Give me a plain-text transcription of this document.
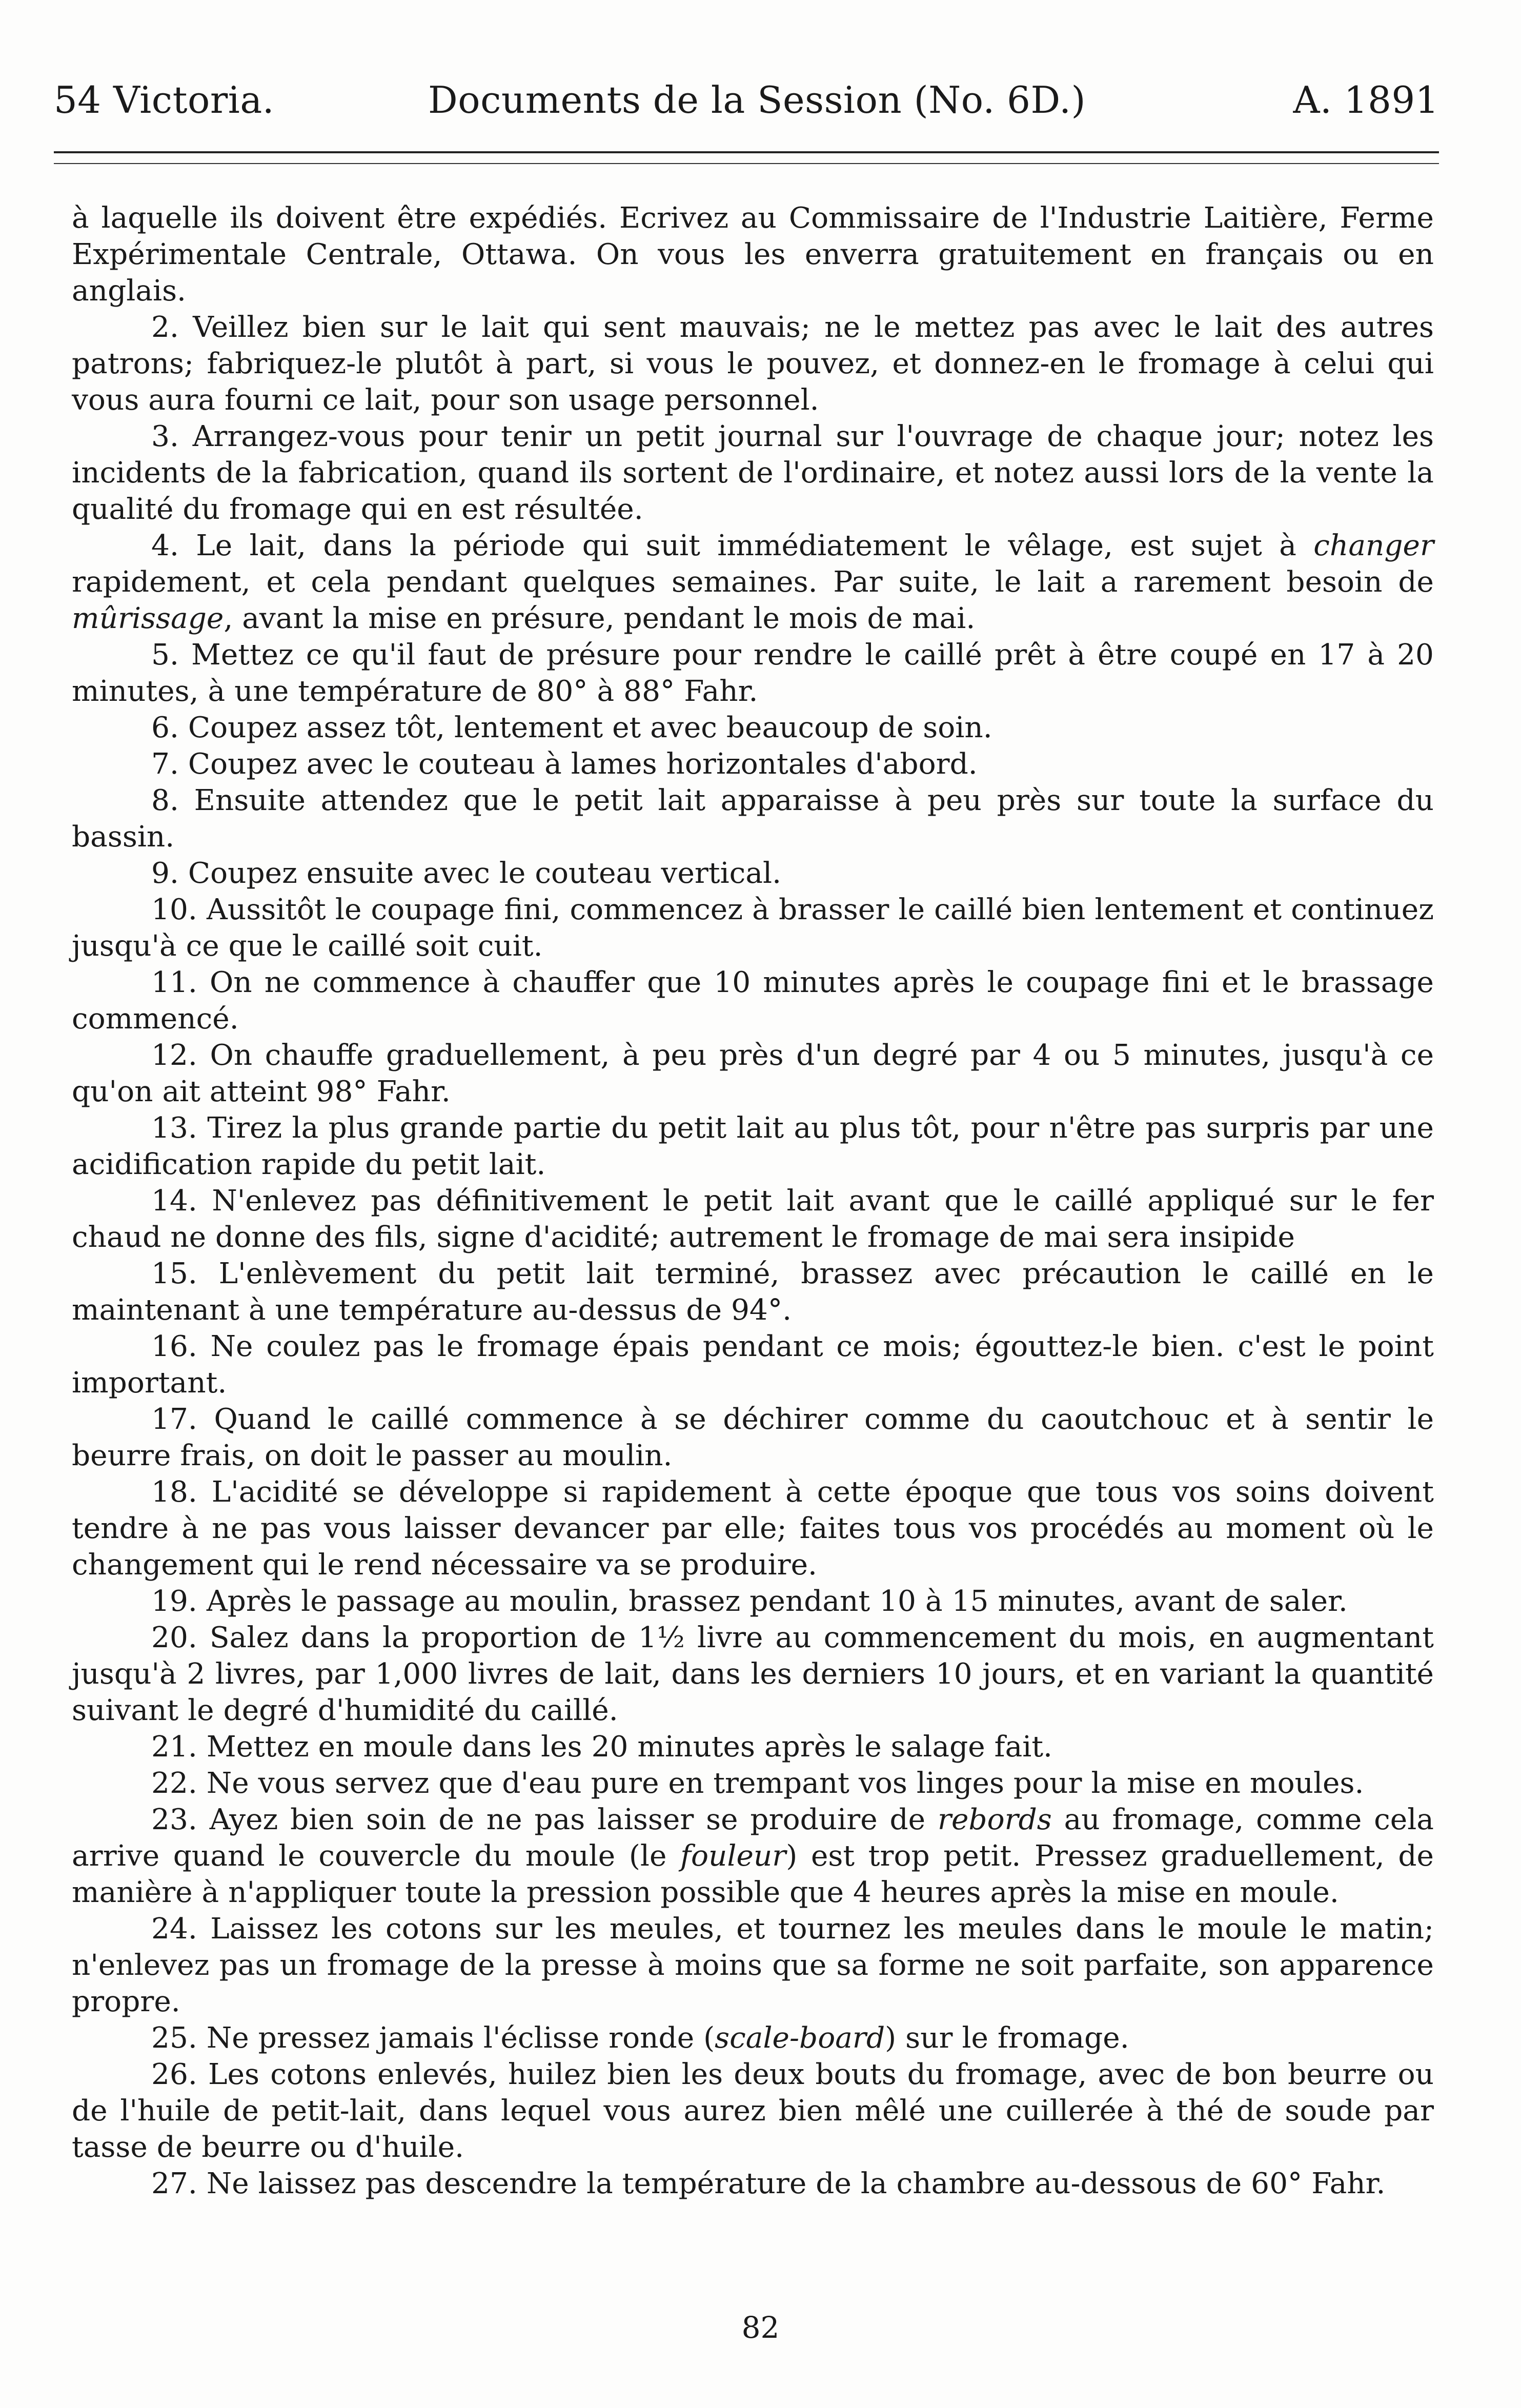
54 Victoria.	Documents de la Session (No. 6D.)	A. 1891

à laquelle ils doivent être expédiés. Ecrivez au Commissaire de l'Industrie Laitière, Ferme Expérimentale Centrale, Ottawa. On vous les enverra gratuitement en français ou en anglais.

2. Veillez bien sur le lait qui sent mauvais; ne le mettez pas avec le lait des autres patrons; fabriquez-le plutôt à part, si vous le pouvez, et donnez-en le fromage à celui qui vous aura fourni ce lait, pour son usage personnel.

3. Arrangez-vous pour tenir un petit journal sur l'ouvrage de chaque jour; notez les incidents de la fabrication, quand ils sortent de l'ordinaire, et notez aussi lors de la vente la qualité du fromage qui en est résultée.

4. Le lait, dans la période qui suit immédiatement le vêlage, est sujet à changer rapidement, et cela pendant quelques semaines. Par suite, le lait a rarement besoin de mûrissage, avant la mise en présure, pendant le mois de mai.

5. Mettez ce qu'il faut de présure pour rendre le caillé prêt à être coupé en 17 à 20 minutes, à une température de 80° à 88° Fahr.

6. Coupez assez tôt, lentement et avec beaucoup de soin.

7. Coupez avec le couteau à lames horizontales d'abord.

8. Ensuite attendez que le petit lait apparaisse à peu près sur toute la surface du bassin.

9. Coupez ensuite avec le couteau vertical.

10. Aussitôt le coupage fini, commencez à brasser le caillé bien lentement et continuez jusqu'à ce que le caillé soit cuit.

11. On ne commence à chauffer que 10 minutes après le coupage fini et le brassage commencé.

12. On chauffe graduellement, à peu près d'un degré par 4 ou 5 minutes, jusqu'à ce qu'on ait atteint 98° Fahr.

13. Tirez la plus grande partie du petit lait au plus tôt, pour n'être pas surpris par une acidification rapide du petit lait.

14. N'enlevez pas définitivement le petit lait avant que le caillé appliqué sur le fer chaud ne donne des fils, signe d'acidité; autrement le fromage de mai sera insipide

15. L'enlèvement du petit lait terminé, brassez avec précaution le caillé en le maintenant à une température au-dessus de 94°.

16. Ne coulez pas le fromage épais pendant ce mois; égouttez-le bien. c'est le point important.

17. Quand le caillé commence à se déchirer comme du caoutchouc et à sentir le beurre frais, on doit le passer au moulin.

18. L'acidité se développe si rapidement à cette époque que tous vos soins doivent tendre à ne pas vous laisser devancer par elle; faites tous vos procédés au moment où le changement qui le rend nécessaire va se produire.

19. Après le passage au moulin, brassez pendant 10 à 15 minutes, avant de saler.

20. Salez dans la proportion de 1½ livre au commencement du mois, en augmentant jusqu'à 2 livres, par 1,000 livres de lait, dans les derniers 10 jours, et en variant la quantité suivant le degré d'humidité du caillé.

21. Mettez en moule dans les 20 minutes après le salage fait.

22. Ne vous servez que d'eau pure en trempant vos linges pour la mise en moules.

23. Ayez bien soin de ne pas laisser se produire de rebords au fromage, comme cela arrive quand le couvercle du moule (le fouleur) est trop petit. Pressez graduellement, de manière à n'appliquer toute la pression possible que 4 heures après la mise en moule.

24. Laissez les cotons sur les meules, et tournez les meules dans le moule le matin; n'enlevez pas un fromage de la presse à moins que sa forme ne soit parfaite, son apparence propre.

25. Ne pressez jamais l'éclisse ronde (scale-board) sur le fromage.

26. Les cotons enlevés, huilez bien les deux bouts du fromage, avec de bon beurre ou de l'huile de petit-lait, dans lequel vous aurez bien mêlé une cuillerée à thé de soude par tasse de beurre ou d'huile.

27. Ne laissez pas descendre la température de la chambre au-dessous de 60° Fahr.

82
